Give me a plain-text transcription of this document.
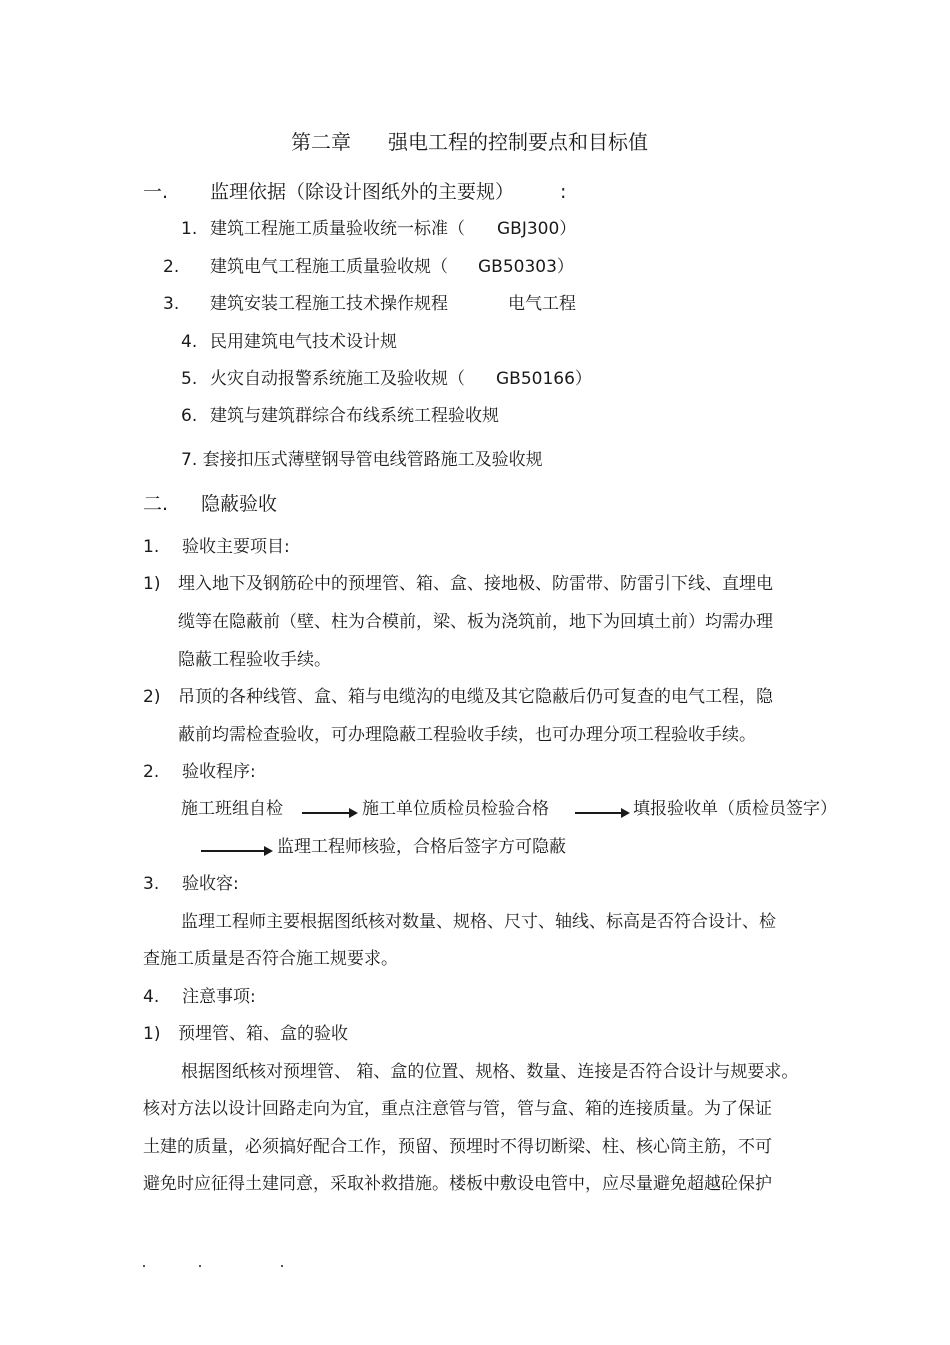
第二章 强电工程的控制要点和目标值
一. 监理依据（除设计图纸外的主要规） :
1. 建筑工程施工质量验收统一标准（ GBJ300）
2. 建筑电气工程施工质量验收规（ GB50303）
3. 建筑安装工程施工技术操作规程	电气工程
4. 民用建筑电气技术设计规
5. 火灾自动报警系统施工及验收规（ GB50166）
6. 建筑与建筑群综合布线系统工程验收规
7. 套接扣压式薄壁钢导管电线管路施工及验收规
二. 隐蔽验收
1. 验收主要项目:
1) 埋入地下及钢筋砼中的预埋管、箱、盒、接地极、防雷带、防雷引下线、直埋电
缆等在隐蔽前（壁、柱为合模前，梁、板为浇筑前，地下为回填土前）均需办理
隐蔽工程验收手续。
2) 吊顶的各种线管、盒、箱与电缆沟的电缆及其它隐蔽后仍可复查的电气工程，隐
蔽前均需检查验收，可办理隐蔽工程验收手续，也可办理分项工程验收手续。
2. 验收程序:
施工班组自检	施工单位质检员检验合格	填报验收单（质检员签字）
监理工程师核验，合格后签字方可隐蔽
3. 验收容:
监理工程师主要根据图纸核对数量、规格、尺寸、轴线、标高是否符合设计、检
查施工质量是否符合施工规要求。
4. 注意事项:
1) 预埋管、箱、盒的验收
根据图纸核对预埋管、 箱、盒的位置、规格、数量、连接是否符合设计与规要求。
核对方法以设计回路走向为宜，重点注意管与管，管与盒、箱的连接质量。为了保证
土建的质量，必须搞好配合工作，预留、预埋时不得切断梁、柱、核心筒主筋，不可
避免时应征得土建同意，采取补救措施。楼板中敷设电管中，应尽量避免超越砼保护
